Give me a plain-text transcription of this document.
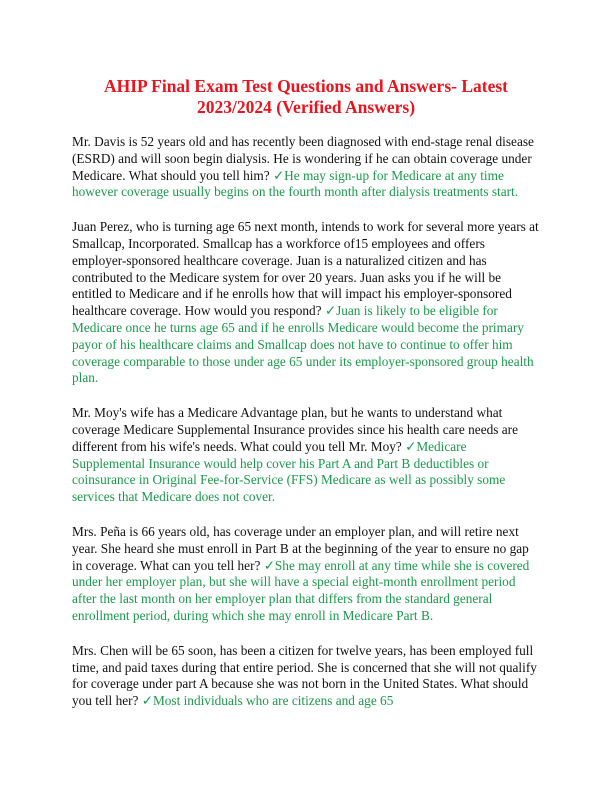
AHIP Final Exam Test Questions and Answers- Latest
2023/2024 (Verified Answers)

Mr. Davis is 52 years old and has recently been diagnosed with end-stage renal disease (ESRD) and will soon begin dialysis. He is wondering if he can obtain coverage under Medicare. What should you tell him? ✓He may sign-up for Medicare at any time however coverage usually begins on the fourth month after dialysis treatments start.

Juan Perez, who is turning age 65 next month, intends to work for several more years at Smallcap, Incorporated. Smallcap has a workforce of15 employees and offers employer-sponsored healthcare coverage. Juan is a naturalized citizen and has contributed to the Medicare system for over 20 years. Juan asks you if he will be entitled to Medicare and if he enrolls how that will impact his employer-sponsored healthcare coverage. How would you respond? ✓Juan is likely to be eligible for Medicare once he turns age 65 and if he enrolls Medicare would become the primary payor of his healthcare claims and Smallcap does not have to continue to offer him coverage comparable to those under age 65 under its employer-sponsored group health plan.

Mr. Moy's wife has a Medicare Advantage plan, but he wants to understand what coverage Medicare Supplemental Insurance provides since his health care needs are different from his wife's needs. What could you tell Mr. Moy? ✓Medicare Supplemental Insurance would help cover his Part A and Part B deductibles or coinsurance in Original Fee-for-Service (FFS) Medicare as well as possibly some services that Medicare does not cover.

Mrs. Peña is 66 years old, has coverage under an employer plan, and will retire next year. She heard she must enroll in Part B at the beginning of the year to ensure no gap in coverage. What can you tell her? ✓She may enroll at any time while she is covered under her employer plan, but she will have a special eight-month enrollment period after the last month on her employer plan that differs from the standard general enrollment period, during which she may enroll in Medicare Part B.

Mrs. Chen will be 65 soon, has been a citizen for twelve years, has been employed full time, and paid taxes during that entire period. She is concerned that she will not qualify for coverage under part A because she was not born in the United States. What should you tell her? ✓Most individuals who are citizens and age 65
